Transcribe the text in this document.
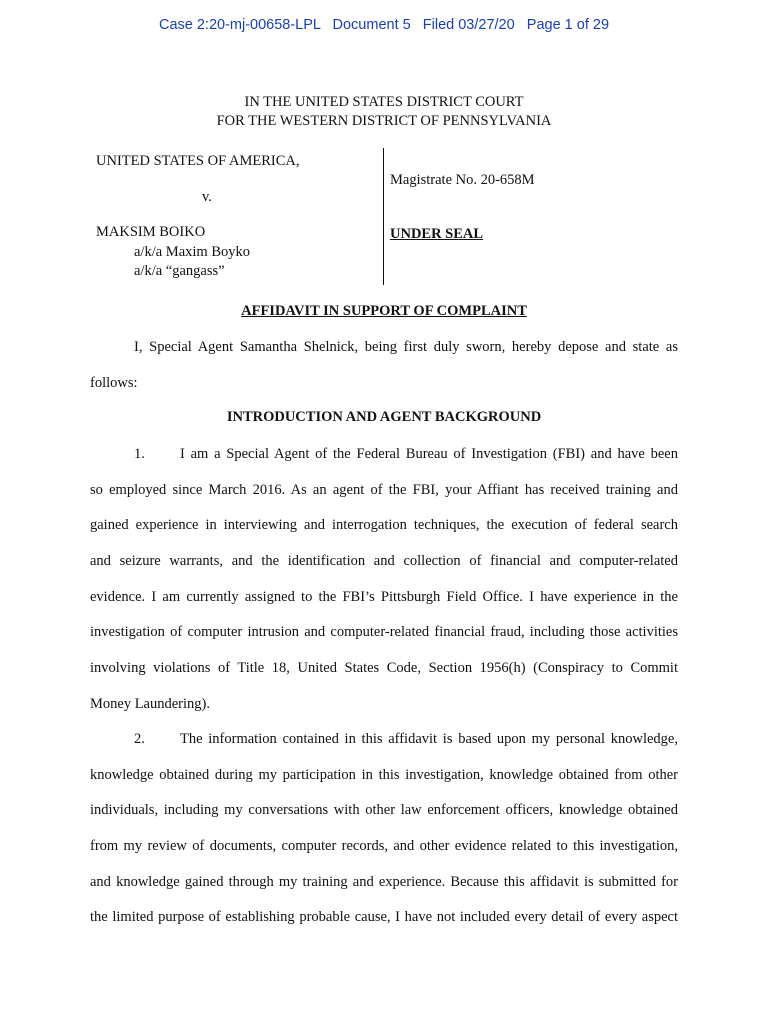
Case 2:20-mj-00658-LPL   Document 5   Filed 03/27/20   Page 1 of 29
IN THE UNITED STATES DISTRICT COURT
FOR THE WESTERN DISTRICT OF PENNSYLVANIA
UNITED STATES OF AMERICA,
v.
MAKSIM BOIKO
a/k/a Maxim Boyko
a/k/a “gangass”
Magistrate No. 20-658M
UNDER SEAL
AFFIDAVIT IN SUPPORT OF COMPLAINT
I, Special Agent Samantha Shelnick, being first duly sworn, hereby depose and state as
follows:
INTRODUCTION AND AGENT BACKGROUND
1. I am a Special Agent of the Federal Bureau of Investigation (FBI) and have been
so employed since March 2016. As an agent of the FBI, your Affiant has received training and
gained experience in interviewing and interrogation techniques, the execution of federal search
and seizure warrants, and the identification and collection of financial and computer-related
evidence. I am currently assigned to the FBI’s Pittsburgh Field Office. I have experience in the
investigation of computer intrusion and computer-related financial fraud, including those activities
involving violations of Title 18, United States Code, Section 1956(h) (Conspiracy to Commit
Money Laundering).
2. The information contained in this affidavit is based upon my personal knowledge,
knowledge obtained during my participation in this investigation, knowledge obtained from other
individuals, including my conversations with other law enforcement officers, knowledge obtained
from my review of documents, computer records, and other evidence related to this investigation,
and knowledge gained through my training and experience. Because this affidavit is submitted for
the limited purpose of establishing probable cause, I have not included every detail of every aspect
